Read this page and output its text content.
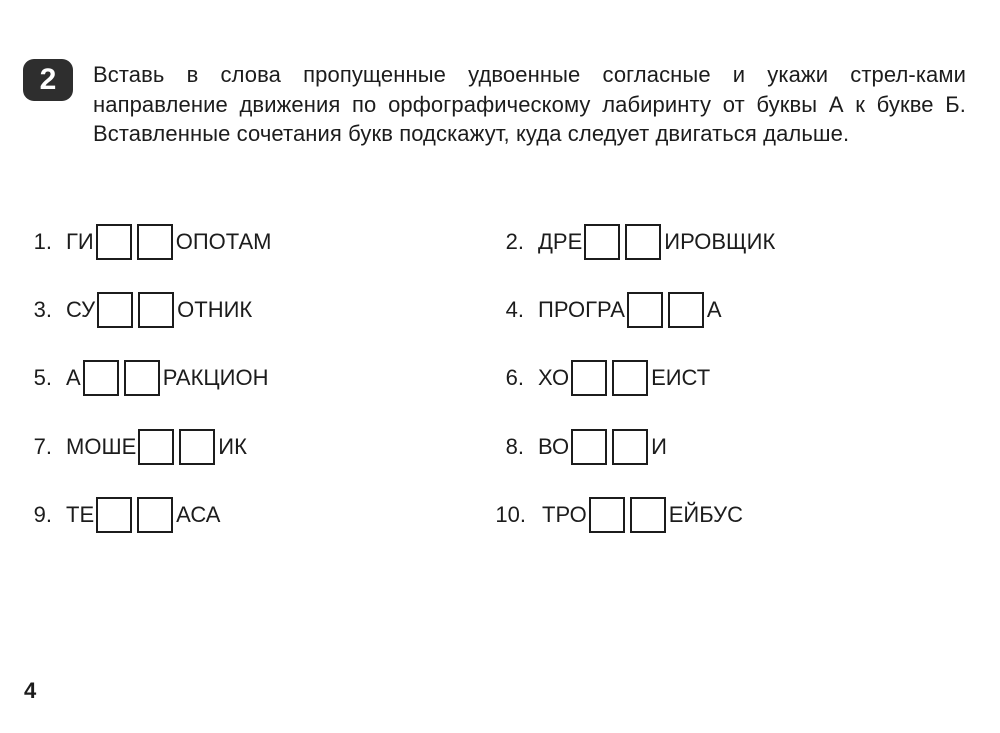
2	Вставь в слова пропущенные удвоенные согласные и укажи стрел-ками направление движения по орфографическому лабиринту от буквы А к букве Б. Вставленные сочетания букв подскажут, куда следует двигаться дальше.
1. ГИ	ОПОТАМ
3. СУ	ОТНИК
5. А	РАКЦИОН
7. МОШЕ	ИК
9. ТЕ	АСА
2. ДРЕ	ИРОВЩИК
4. ПРОГРА	А
6. ХО	ЕИСТ
8. ВО	И
10. ТРО	ЕЙБУС
4
